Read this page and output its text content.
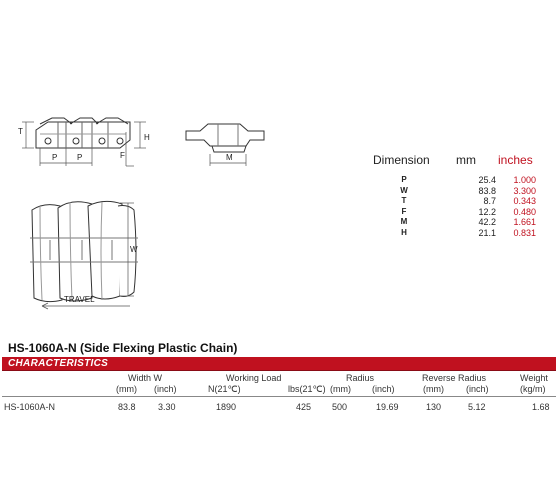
T
P P
H
F	M
W
TRAVEL
Dimension mm inches
P	25.4	1.000
W	83.8	3.300
T	8.7	0.343
F	12.2	0.480
M	42.2	1.661
H	21.1	0.831
HS-1060A-N (Side Flexing Plastic Chain)
CHARACTERISTICS
Width W	Working Load	Radius	Reverse Radius	Weight
(mm) (inch)	N(21℃)	lbs(21℃) (mm) (inch)	(mm) (inch)	(kg/m)
HS-1060A-N	83.8 3.30	1890	425 500	19.69	130	5.12	1.68
